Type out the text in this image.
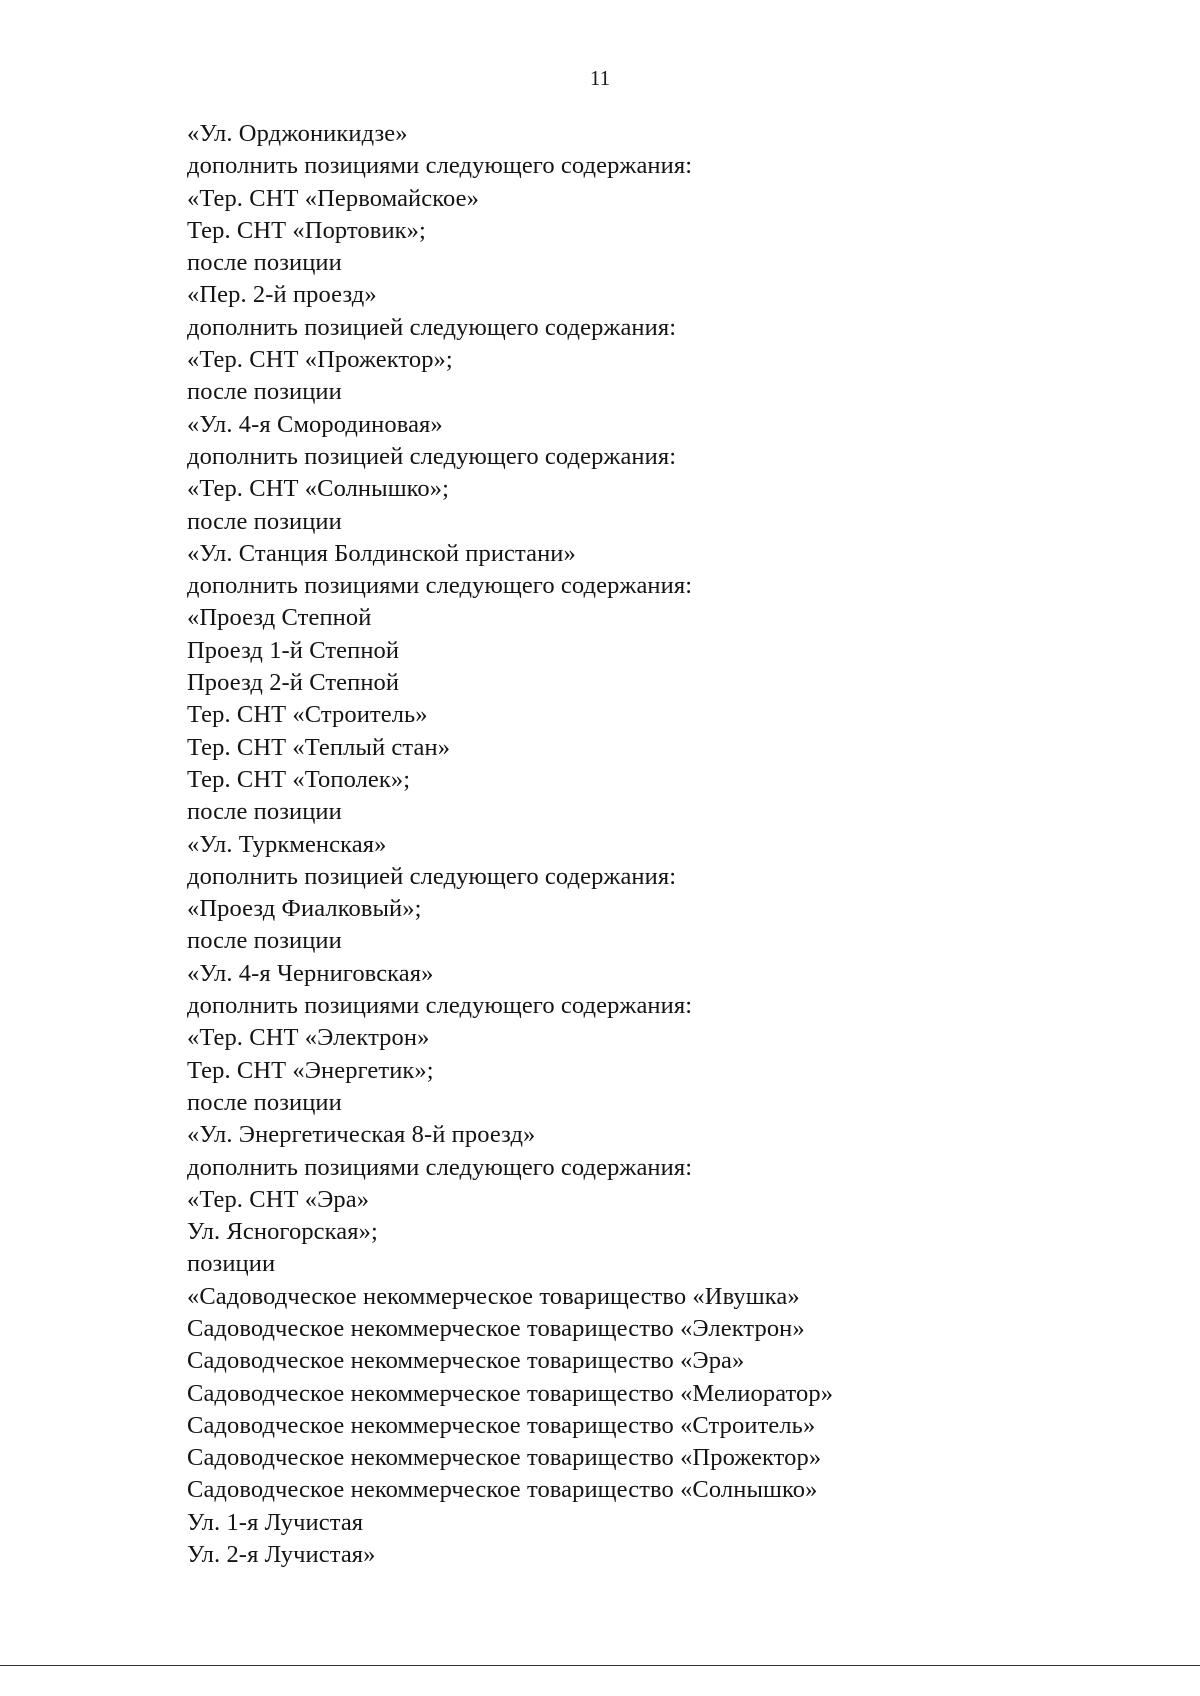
11
«Ул. Орджоникидзе»
дополнить позициями следующего содержания:
«Тер. СНТ «Первомайское»
Тер. СНТ «Портовик»;
после позиции
«Пер. 2-й проезд»
дополнить позицией следующего содержания:
«Тер. СНТ «Прожектор»;
после позиции
«Ул. 4-я Смородиновая»
дополнить позицией следующего содержания:
«Тер. СНТ «Солнышко»;
после позиции
«Ул. Станция Болдинской пристани»
дополнить позициями следующего содержания:
«Проезд Степной
Проезд 1-й Степной
Проезд 2-й Степной
Тер. СНТ «Строитель»
Тер. СНТ «Теплый стан»
Тер. СНТ «Тополек»;
после позиции
«Ул. Туркменская»
дополнить позицией следующего содержания:
«Проезд Фиалковый»;
после позиции
«Ул. 4-я Черниговская»
дополнить позициями следующего содержания:
«Тер. СНТ «Электрон»
Тер. СНТ «Энергетик»;
после позиции
«Ул. Энергетическая 8-й проезд»
дополнить позициями следующего содержания:
«Тер. СНТ «Эра»
Ул. Ясногорская»;
позиции
«Садоводческое некоммерческое товарищество «Ивушка»
Садоводческое некоммерческое товарищество «Электрон»
Садоводческое некоммерческое товарищество «Эра»
Садоводческое некоммерческое товарищество «Мелиоратор»
Садоводческое некоммерческое товарищество «Строитель»
Садоводческое некоммерческое товарищество «Прожектор»
Садоводческое некоммерческое товарищество «Солнышко»
Ул. 1-я Лучистая
Ул. 2-я Лучистая»
